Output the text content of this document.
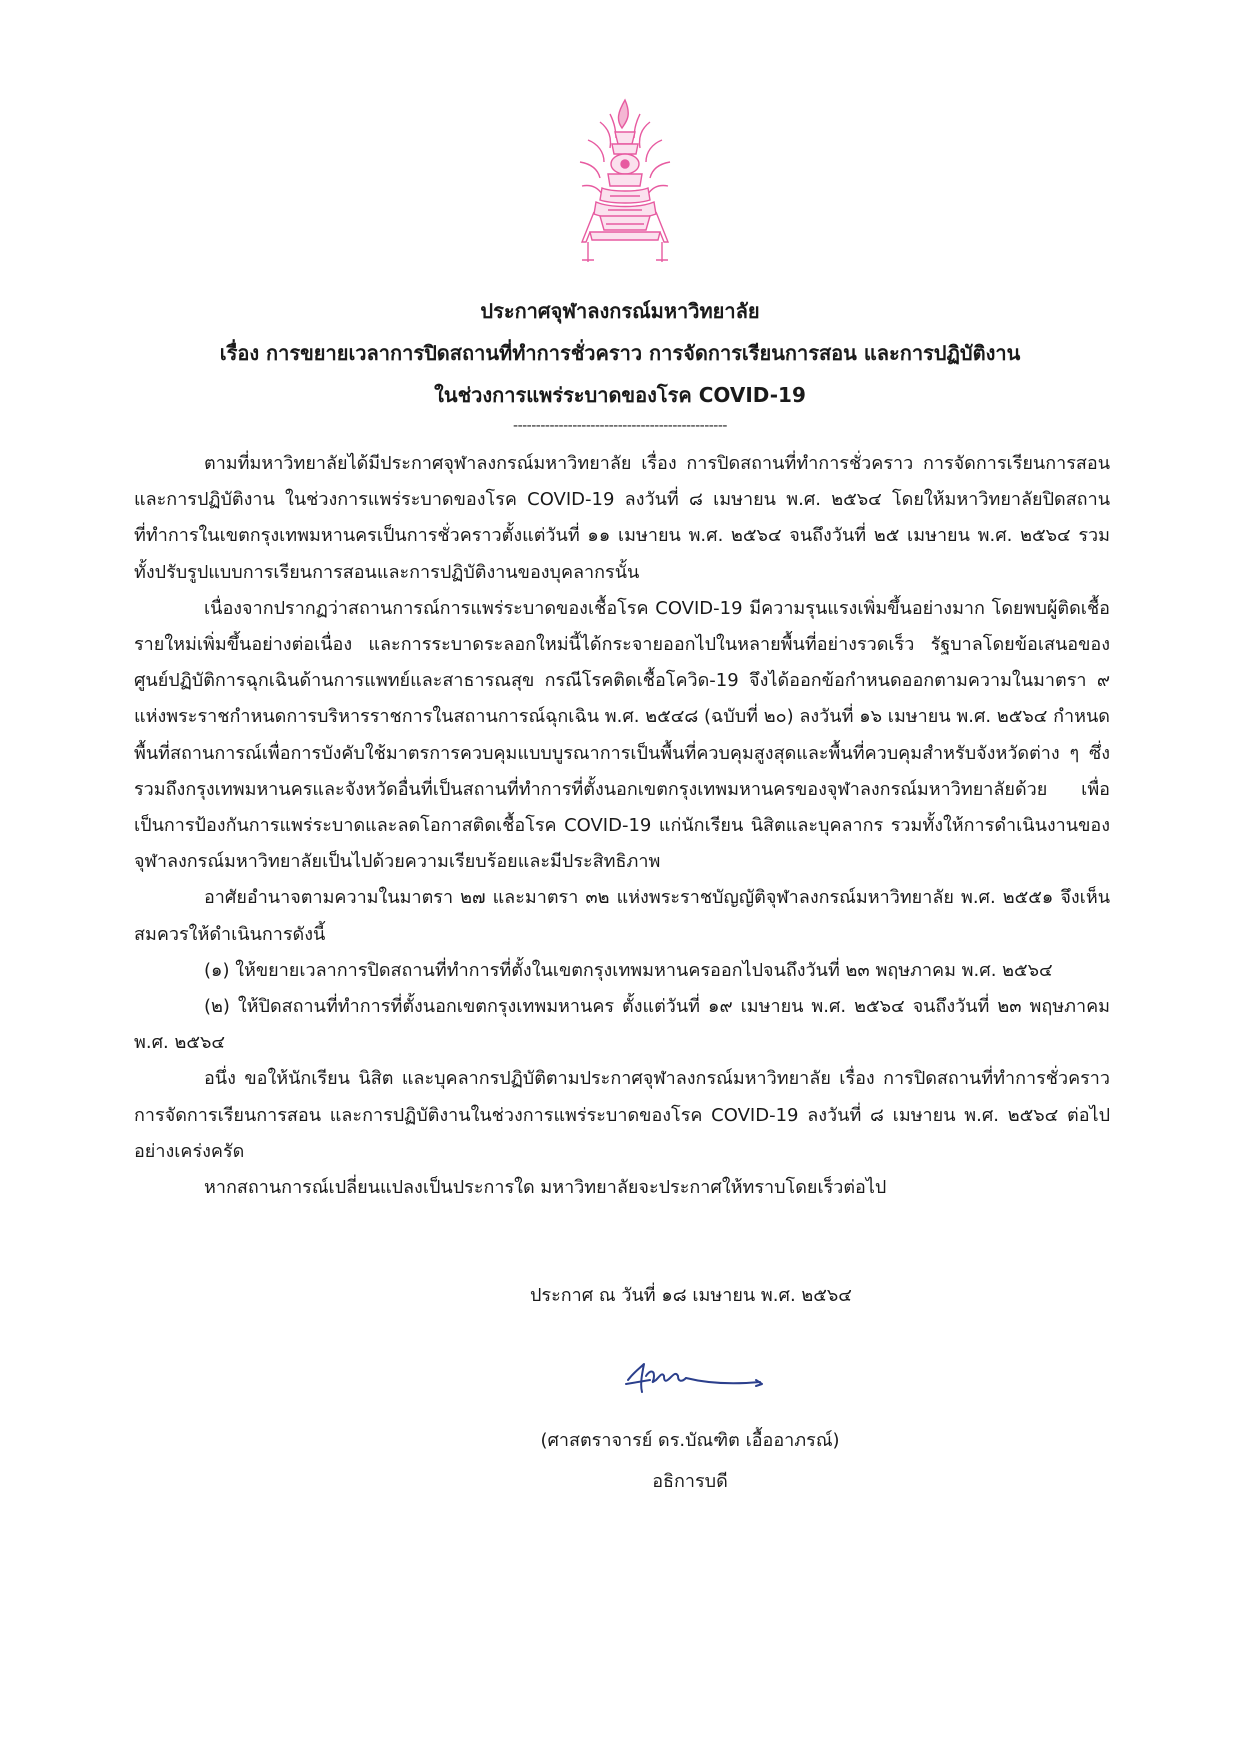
ประกาศจุฬาลงกรณ์มหาวิทยาลัย
เรื่อง การขยายเวลาการปิดสถานที่ทำการชั่วคราว การจัดการเรียนการสอน และการปฏิบัติงาน
ในช่วงการแพร่ระบาดของโรค COVID-19
-----------------------------------------------

ตามที่มหาวิทยาลัยได้มีประกาศจุฬาลงกรณ์มหาวิทยาลัย เรื่อง การปิดสถานที่ทำการชั่วคราว การจัดการเรียนการสอนและการปฏิบัติงาน ในช่วงการแพร่ระบาดของโรค COVID-19 ลงวันที่ ๘ เมษายน พ.ศ. ๒๕๖๔ โดยให้มหาวิทยาลัยปิดสถานที่ทำการในเขตกรุงเทพมหานครเป็นการชั่วคราวตั้งแต่วันที่ ๑๑ เมษายน พ.ศ. ๒๕๖๔ จนถึงวันที่ ๒๕ เมษายน พ.ศ. ๒๕๖๔ รวมทั้งปรับรูปแบบการเรียนการสอนและการปฏิบัติงานของบุคลากรนั้น

เนื่องจากปรากฏว่าสถานการณ์การแพร่ระบาดของเชื้อโรค COVID-19 มีความรุนแรงเพิ่มขึ้นอย่างมาก โดยพบผู้ติดเชื้อรายใหม่เพิ่มขึ้นอย่างต่อเนื่อง และการระบาดระลอกใหม่นี้ได้กระจายออกไปในหลายพื้นที่อย่างรวดเร็ว รัฐบาลโดยข้อเสนอของศูนย์ปฏิบัติการฉุกเฉินด้านการแพทย์และสาธารณสุข กรณีโรคติดเชื้อโควิด-19 จึงได้ออกข้อกำหนดออกตามความในมาตรา ๙ แห่งพระราชกำหนดการบริหารราชการในสถานการณ์ฉุกเฉิน พ.ศ. ๒๕๔๘ (ฉบับที่ ๒๐) ลงวันที่ ๑๖ เมษายน พ.ศ. ๒๕๖๔ กำหนดพื้นที่สถานการณ์เพื่อการบังคับใช้มาตรการควบคุมแบบบูรณาการเป็นพื้นที่ควบคุมสูงสุดและพื้นที่ควบคุมสำหรับจังหวัดต่าง ๆ ซึ่งรวมถึงกรุงเทพมหานครและจังหวัดอื่นที่เป็นสถานที่ทำการที่ตั้งนอกเขตกรุงเทพมหานครของจุฬาลงกรณ์มหาวิทยาลัยด้วย เพื่อเป็นการป้องกันการแพร่ระบาดและลดโอกาสติดเชื้อโรค COVID-19 แก่นักเรียน นิสิตและบุคลากร รวมทั้งให้การดำเนินงานของจุฬาลงกรณ์มหาวิทยาลัยเป็นไปด้วยความเรียบร้อยและมีประสิทธิภาพ

อาศัยอำนาจตามความในมาตรา ๒๗ และมาตรา ๓๒ แห่งพระราชบัญญัติจุฬาลงกรณ์มหาวิทยาลัย พ.ศ. ๒๕๕๑ จึงเห็นสมควรให้ดำเนินการดังนี้

(๑) ให้ขยายเวลาการปิดสถานที่ทำการที่ตั้งในเขตกรุงเทพมหานครออกไปจนถึงวันที่ ๒๓ พฤษภาคม พ.ศ. ๒๕๖๔

(๒) ให้ปิดสถานที่ทำการที่ตั้งนอกเขตกรุงเทพมหานคร ตั้งแต่วันที่ ๑๙ เมษายน พ.ศ. ๒๕๖๔ จนถึงวันที่ ๒๓ พฤษภาคม พ.ศ. ๒๕๖๔

อนึ่ง ขอให้นักเรียน นิสิต และบุคลากรปฏิบัติตามประกาศจุฬาลงกรณ์มหาวิทยาลัย เรื่อง การปิดสถานที่ทำการชั่วคราว การจัดการเรียนการสอน และการปฏิบัติงานในช่วงการแพร่ระบาดของโรค COVID-19 ลงวันที่ ๘ เมษายน พ.ศ. ๒๕๖๔ ต่อไปอย่างเคร่งครัด

หากสถานการณ์เปลี่ยนแปลงเป็นประการใด มหาวิทยาลัยจะประกาศให้ทราบโดยเร็วต่อไป

ประกาศ ณ วันที่ ๑๘ เมษายน พ.ศ. ๒๕๖๔
(ศาสตราจารย์ ดร.บัณฑิต เอื้ออาภรณ์)
อธิการบดี
